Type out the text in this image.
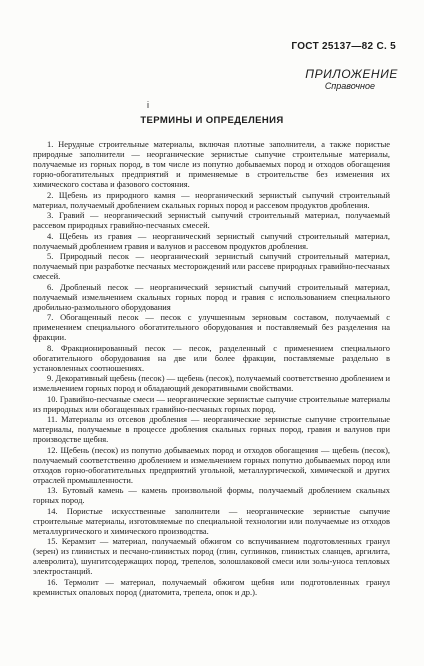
ГОСТ 25137—82 С. 5
ПРИЛОЖЕНИЕ
Справочное
і
ТЕРМИНЫ И ОПРЕДЕЛЕНИЯ

1. Нерудные строительные материалы, включая плотные заполнители, а также пористые природные заполнители — неорганические зернистые сыпучие строительные материалы, получаемые из горных пород, в том числе из попутно добываемых пород и отходов обогащения горно-обогатительных предприятий и применяемые в строительстве без изменения их химического состава и фазового состояния.

2. Щебень из природного камня — неорганический зернистый сыпучий строительный материал, получаемый дроблением скальных горных пород и рассевом продуктов дробления.

3. Гравий — неорганический зернистый сыпучий строительный материал, получаемый рассевом природных гравийно-песчаных смесей.

4. Щебень из гравия — неорганический зернистый сыпучий строительный материал, получаемый дроблением гравия и валунов и рассевом продуктов дробления.

5. Природный песок — неорганический зернистый сыпучий строительный материал, получаемый при разработке песчаных месторождений или рассеве природных гравийно-песчаных смесей.

6. Дробленый песок — неорганический зернистый сыпучий строительный материал, получаемый измельчением скальных горных пород и гравия с использованием специального дробильно-размольного оборудования

7. Обогащенный песок — песок с улучшенным зерновым составом, получаемый с применением специального обогатительного оборудования и поставляемый без разделения на фракции.

8. Фракционированный песок — песок, разделенный с применением специального обогатительного оборудования на две или более фракции, поставляемые раздельно в установленных соотношениях.

9. Декоративный щебень (песок) — щебень (песок), получаемый соответственно дроблением и измельчением горных пород и обладающий декоративными свойствами.

10. Гравийно-песчаные смеси — неорганические зернистые сыпучие строительные материалы из природных или обогащенных гравийно-песчаных горных пород.

11. Материалы из отсевов дробления — неорганические зернистые сыпучие строительные материалы, получаемые в процессе дробления скальных горных пород, гравия и валунов при производстве щебня.

12. Щебень (песок) из попутно добываемых пород и отходов обогащения — щебень (песок), получаемый соответственно дроблением и измельчением горных попутно добываемых пород или отходов горно-обогатительных предприятий угольной, металлургической, химической и других отраслей промышленности.

13. Бутовый камень — камень произвольной формы, получаемый дроблением скальных горных пород.

14. Пористые искусственные заполнители — неорганические зернистые сыпучие строительные материалы, изготовляемые по специальной технологии или получаемые из отходов металлургического и химического производства.

15. Керамзит — материал, получаемый обжигом со вспучиванием подготовленных гранул (зерен) из глинистых и песчано-глинистых пород (глин, суглинков, глинистых сланцев, аргилита, алевролита), шунгитсодержащих пород, трепелов, золошлаковой смеси или золы-уноса тепловых электростанций.

16. Термолит — материал, получаемый обжигом щебня или подготовленных гранул кремнистых опаловых пород (диатомита, трепела, опок и др.).
